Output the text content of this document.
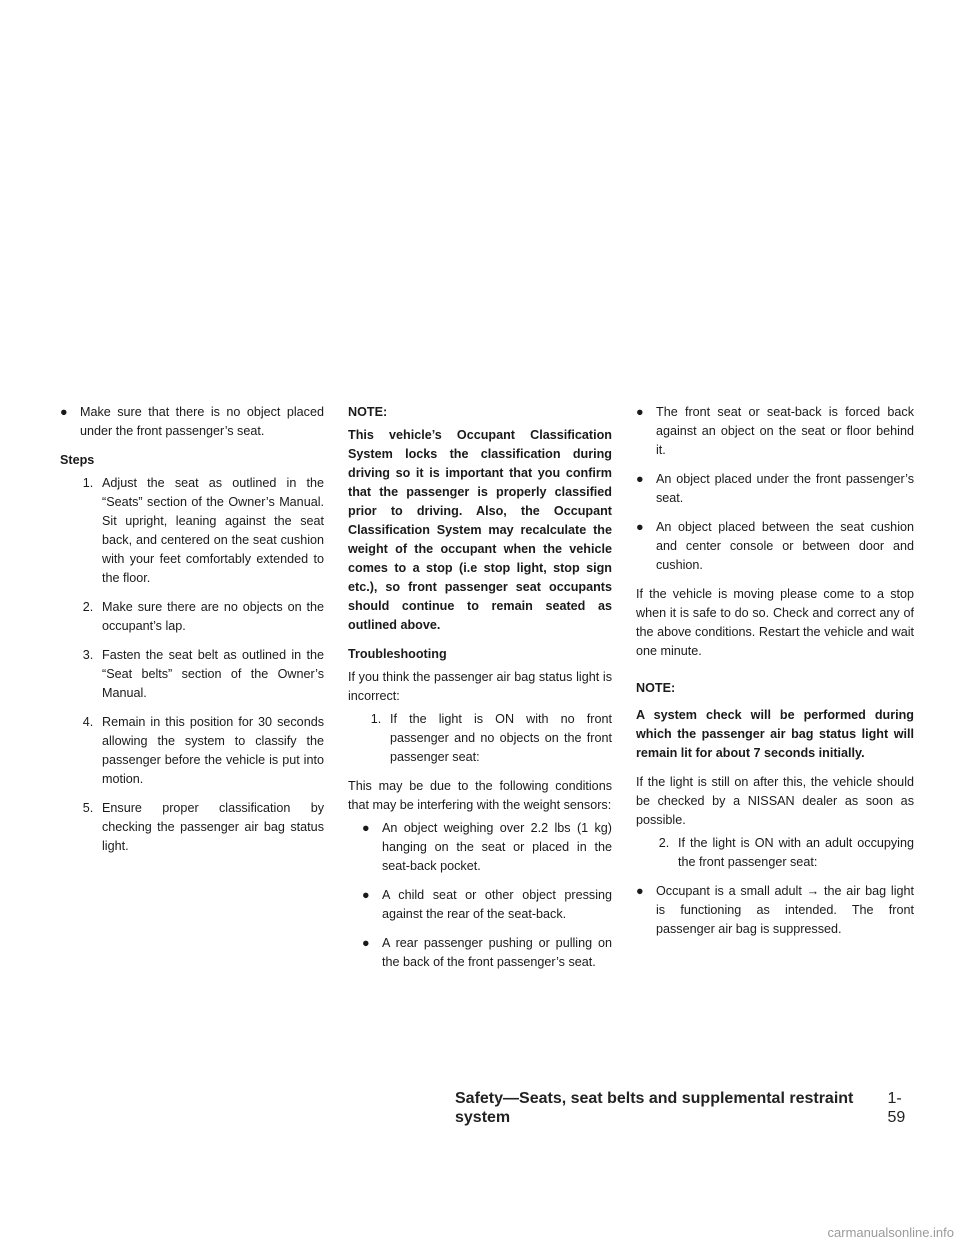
● Make sure that there is no object placed under the front passenger’s seat.
Steps
1. Adjust the seat as outlined in the “Seats” section of the Owner’s Manual. Sit upright, leaning against the seat back, and centered on the seat cushion with your feet comfortably extended to the floor.
2. Make sure there are no objects on the occupant’s lap.
3. Fasten the seat belt as outlined in the “Seat belts” section of the Owner’s Manual.
4. Remain in this position for 30 seconds allowing the system to classify the passenger before the vehicle is put into motion.
5. Ensure proper classification by checking the passenger air bag status light.

NOTE:

This vehicle’s Occupant Classification System locks the classification during driving so it is important that you confirm that the passenger is properly classified prior to driving. Also, the Occupant Classification System may recalculate the weight of the occupant when the vehicle comes to a stop (i.e stop light, stop sign etc.), so front passenger seat occupants should continue to remain seated as outlined above.

Troubleshooting

If you think the passenger air bag status light is incorrect:

1. If the light is ON with no front passenger and no objects on the front passenger seat:

This may be due to the following conditions that may be interfering with the weight sensors:

● An object weighing over 2.2 lbs (1 kg) hanging on the seat or placed in the seat-back pocket.
● A child seat or other object pressing against the rear of the seat-back.
● A rear passenger pushing or pulling on the back of the front passenger’s seat.
● The front seat or seat-back is forced back against an object on the seat or floor behind it.
● An object placed under the front passenger’s seat.
● An object placed between the seat cushion and center console or between door and cushion.

If the vehicle is moving please come to a stop when it is safe to do so. Check and correct any of the above conditions. Restart the vehicle and wait one minute.

NOTE:

A system check will be performed during which the passenger air bag status light will remain lit for about 7 seconds initially.

If the light is still on after this, the vehicle should be checked by a NISSAN dealer as soon as possible.

2. If the light is ON with an adult occupying the front passenger seat:
● Occupant is a small adult → the air bag light is functioning as intended. The front passenger air bag is suppressed.
Safety—Seats, seat belts and supplemental restraint system
1-59
carmanualsonline.info
